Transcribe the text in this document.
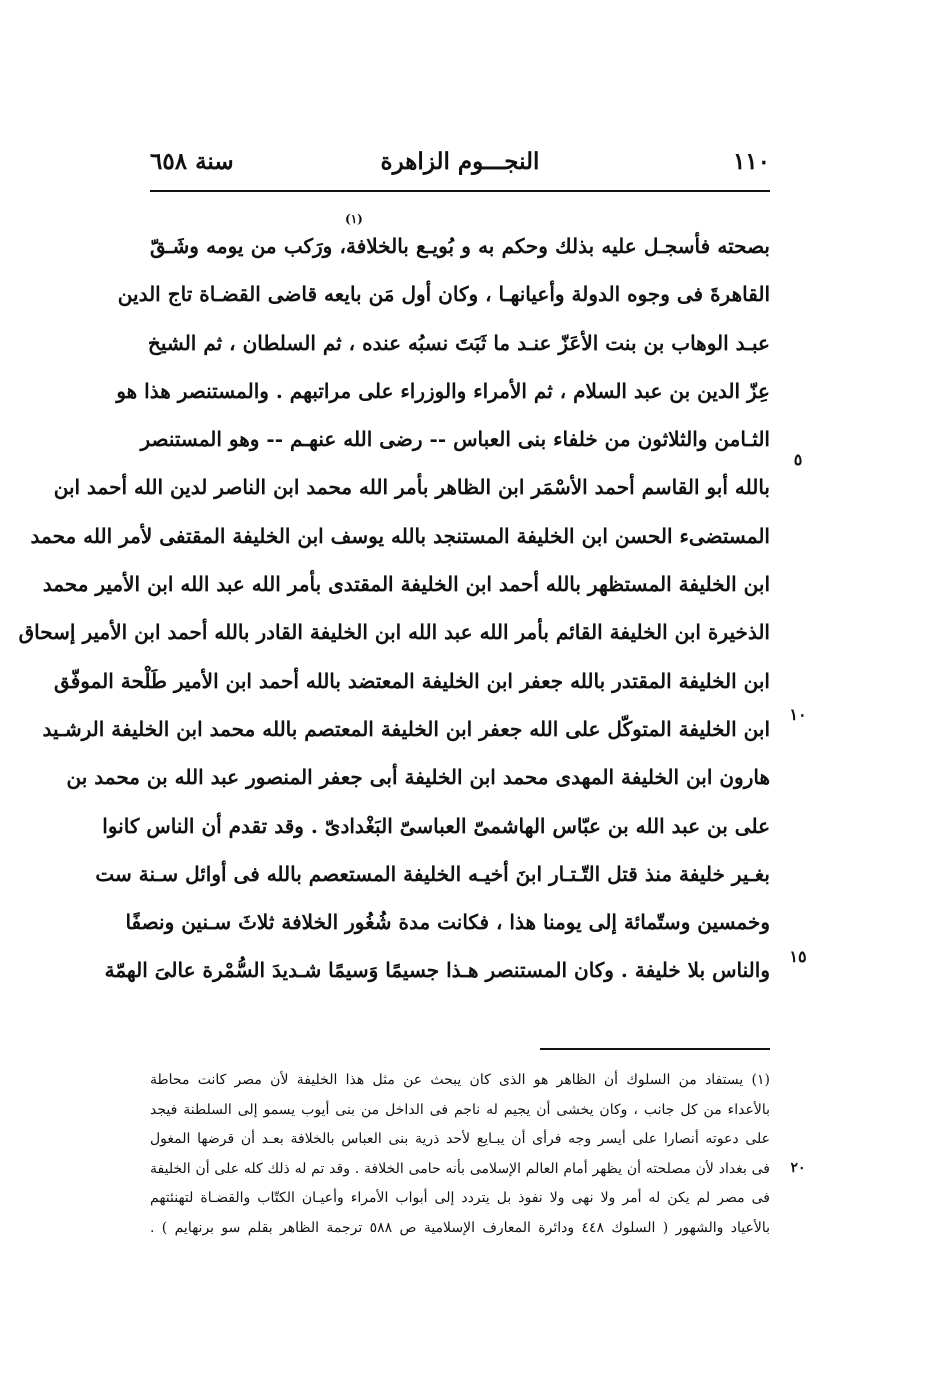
١١٠
النجـــوم الزاهرة
سنة ٦٥٨
(١)
بصحته فأسجـل عليه بذلك وحكم به و بُويـع بالخلافة، ورَكب من يومه وشَـقّ
القاهرةَ فى وجوه الدولة وأعيانهـا ، وكان أول مَن بايعه قاضى القضـاة تاج الدين
عبـد الوهاب بن بنت الأعَزّ عنـد ما ثَبَتَ نسبُه عنده ، ثم السلطان ، ثم الشيخ
عِزّ الدين بن عبد السلام ، ثم الأمراء والوزراء على مراتبهم . والمستنصر هذا هو
الثـامن والثلاثون من خلفاء بنى العباس -- رضى الله عنهـم -- وهو المستنصر
بالله أبو القاسم أحمد الأسْمَر ابن الظاهر بأمر الله محمد ابن الناصر لدين الله أحمد ابن
المستضىء الحسن ابن الخليفة المستنجد بالله يوسف ابن الخليفة المقتفى لأمر الله محمد
ابن الخليفة المستظهر بالله أحمد ابن الخليفة المقتدى بأمر الله عبد الله ابن الأمير محمد
الذخيرة ابن الخليفة القائم بأمر الله عبد الله ابن الخليفة القادر بالله أحمد ابن الأمير إسحاق
ابن الخليفة المقتدر بالله جعفر ابن الخليفة المعتضد بالله أحمد ابن الأمير طَلْحة الموفّق
ابن الخليفة المتوكّل على الله جعفر ابن الخليفة المعتصم بالله محمد ابن الخليفة الرشـيد
هارون ابن الخليفة المهدى محمد ابن الخليفة أبى جعفر المنصور عبد الله بن محمد بن
على بن عبد الله بن عبّاس الهاشمىّ العباسىّ البَغْدادىّ . وقد تقدم أن الناس كانوا
بغـير خليفة منذ قتل التّـتـار ابنَ أخيـه الخليفة المستعصم بالله فى أوائل سـنة ست
وخمسين وستّمائة إلى يومنا هذا ، فكانت مدة شُغُور الخلافة ثلاثَ سـنين ونصفًا
والناس بلا خليفة . وكان المستنصر هـذا جسيمًا وَسيمًا شـديدَ السُّمْرة عالىَ الهمّة
٥
١٠
١٥
(١) يستفاد من السلوك أن الظاهر هو الذى كان يبحث عن مثل هذا الخليفة لأن مصر كانت محاطة
بالأعداء من كل جانب ، وكان يخشى أن يجيم له ناجم فى الداخل من بنى أيوب يسمو إلى السلطنة فيجد
على دعوته أنصارا على أيسر وجه فرأى أن يبـايع لأحد ذرية بنى العباس بالخلافة بعـد أن قرضها المغول
فى بغداد لأن مصلحته أن يظهر أمام العالم الإسلامى بأنه حامى الخلافة . وقد تم له ذلك كله على أن الخليفة
فى مصر لم يكن له أمر ولا نهى ولا نفوذ بل يتردد إلى أبواب الأمراء وأعيـان الكتّاب والقضـاة لتهنئتهم
بالأعياد والشهور ( السلوك ٤٤٨ ودائرة المعارف الإسلامية ص ٥٨٨ ترجمة الظاهر بقلم سو برنهايم ) .
٢٠
